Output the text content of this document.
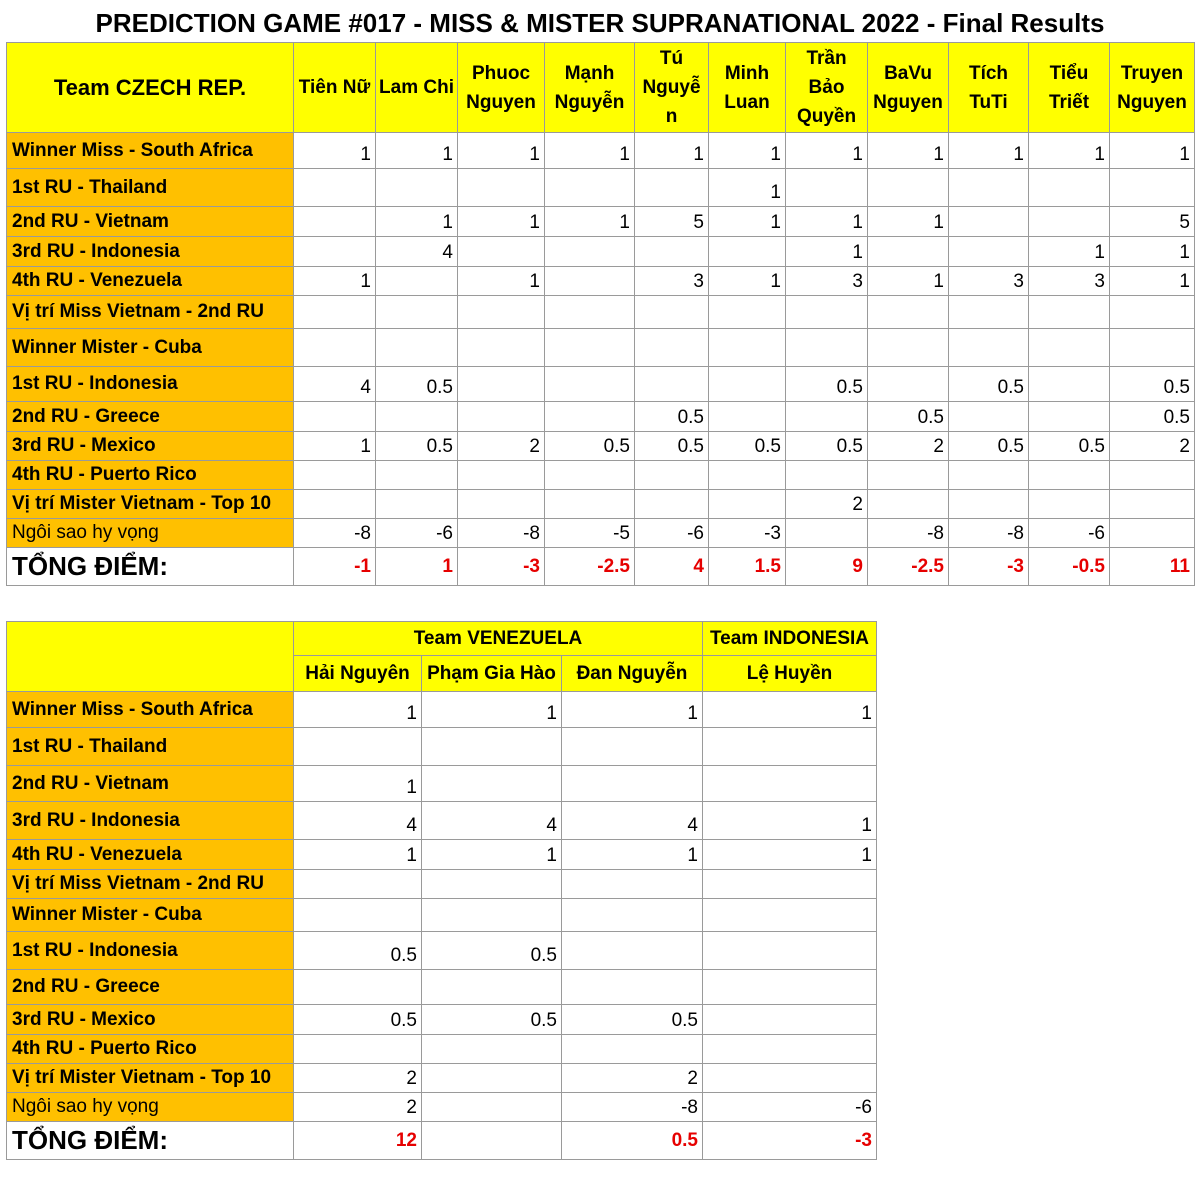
PREDICTION GAME #017 - MISS & MISTER SUPRANATIONAL 2022 - Final Results
Team CZECH REP.	Tiên Nữ	Lam Chi	Phuoc Nguyen	Mạnh Nguyễn	Tú Nguyễ n	Minh Luan	Trần Bảo Quyền	BaVu Nguyen	Tích TuTi	Tiểu Triết	Truyen Nguyen
Winner Miss - South Africa	1	1	1	1	1	1	1	1	1	1	1
1st RU - Thailand						1					
2nd RU - Vietnam		1	1	1	5	1	1	1			5
3rd RU - Indonesia		4					1			1	1
4th RU - Venezuela	1		1		3	1	3	1	3	3	1
Vị trí Miss Vietnam - 2nd RU											
Winner Mister - Cuba											
1st RU - Indonesia	4	0.5					0.5		0.5		0.5
2nd RU - Greece					0.5			0.5			0.5
3rd RU - Mexico	1	0.5	2	0.5	0.5	0.5	0.5	2	0.5	0.5	2
4th RU - Puerto Rico											
Vị trí Mister Vietnam - Top 10							2				
Ngôi sao hy vọng	-8	-6	-8	-5	-6	-3		-8	-8	-6	
TỔNG ĐIỂM:	-1	1	-3	-2.5	4	1.5	9	-2.5	-3	-0.5	11
	Team VENEZUELA			Team INDONESIA
	Hải Nguyên	Phạm Gia Hào	Đan Nguyễn	Lệ Huyền
Winner Miss - South Africa	1	1	1	1
1st RU - Thailand				
2nd RU - Vietnam	1			
3rd RU - Indonesia	4	4	4	1
4th RU - Venezuela	1	1	1	1
Vị trí Miss Vietnam - 2nd RU				
Winner Mister - Cuba				
1st RU - Indonesia	0.5	0.5		
2nd RU - Greece				
3rd RU - Mexico	0.5	0.5	0.5	
4th RU - Puerto Rico				
Vị trí Mister Vietnam - Top 10	2		2	
Ngôi sao hy vọng	2		-8	-6
TỔNG ĐIỂM:	12		0.5	-3
